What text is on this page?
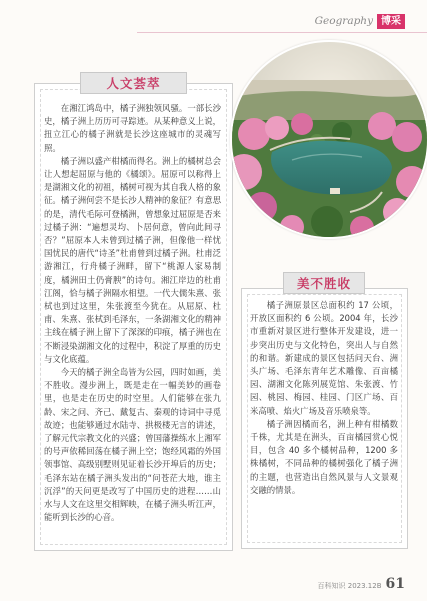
Geography 博采
人文荟萃

在湘江鸿岛中，橘子洲独领风骚。一部长沙史，橘子洲上历历可寻踪迹。从某种意义上说，扭立江心的橘子洲就是长沙这座城市的灵魂写照。

橘子洲以盛产柑橘而得名。洲上的橘树总会让人想起屈原与他的《橘颂》。屈原可以称得上是湖湘文化的初祖，橘树可视为其自我人格的象征。橘子洲何尝不是长沙人精神的象征？有意思的是，清代毛际可登橘洲，曾想象过屈原是否来过橘子洲：“遍想灵均、卜居何意，曾向此间寻否？”屈原本人未曾到过橘子洲，但像他一样忧国忧民的唐代“诗圣”杜甫曾到过橘子洲。杜甫泛游湘江，行舟橘子洲畔，留下“桃源人家易制度，橘洲田土仍膏腴”的诗句。湘江岸边的杜甫江阁，恰与橘子洲隔水相望。一代大儒朱熹、张栻也到过这里，朱张渡至今犹在。从屈原、杜甫、朱熹、张栻到毛泽东，一条湖湘文化的精神主线在橘子洲上留下了深深的印痕，橘子洲也在不断浸染湖湘文化的过程中，积淀了厚重的历史与文化底蕴。

今天的橘子洲全岛皆为公园，四时如画，美不胜收。漫步洲上，既是走在一幅美妙的画卷里，也是走在历史的时空里。人们能够在张九龄、宋之问、齐己、戴复古、秦观的诗词中寻觅故迹；也能够通过水陆寺、拱极楼无言的讲述，了解元代宗教文化的兴盛；曾国藩操练水上湘军的号声依稀回荡在橘子洲上空；饱经风霜的外国领事馆、高级别墅则见证着长沙开埠后的历史；毛泽东站在橘子洲头发出的“问苍茫大地，谁主沉浮”的天问更是改写了中国历史的进程……山水与人文在这里交相辉映，在橘子洲头听江声，能听到长沙的心音。

美不胜收

橘子洲原景区总面积约 17 公顷，开放区面积约 6 公顷。2004 年，长沙市重新对景区进行整体开发建设，进一步突出历史与文化特色，突出人与自然的和谐。新建成的景区包括问天台、洲头广场、毛泽东青年艺术雕像、百亩橘园、湖湘文化陈列展览馆、朱张渡、竹园、桃园、梅园、桂园、门区广场、百米高喷、焰火广场及音乐喷泉等。

橘子洲因橘而名，洲上种有柑橘数千株，尤其是在洲头，百亩橘园赏心悦目，包含 40 多个橘树品种，1200 多株橘树，不同品种的橘树强化了橘子洲的主题，也营造出自然风景与人文景观交融的情景。

百科知识 2023.12B 61
